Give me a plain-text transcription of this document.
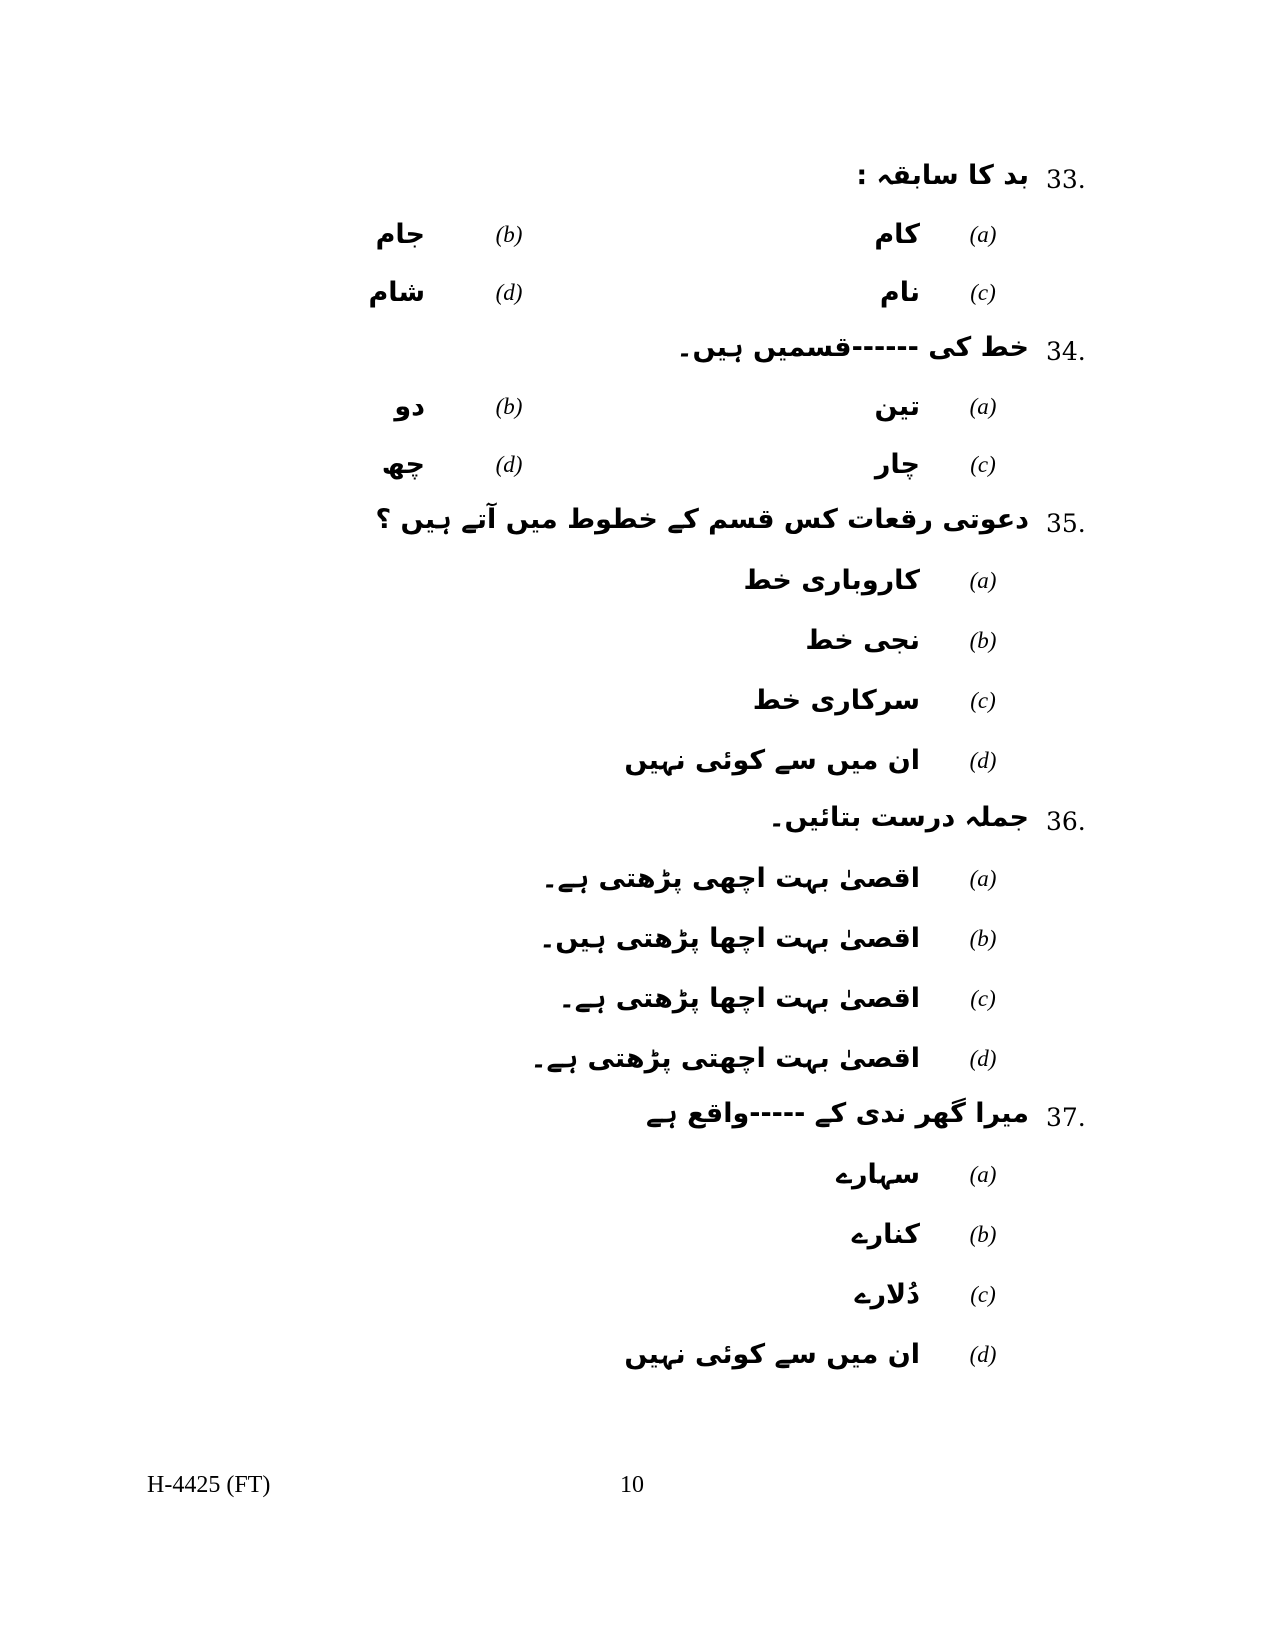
33.
بد کا سابقہ :
(a)
کام
(b)
جام
(c)
نام
(d)
شام
34.
خط کی ------قسمیں ہیں۔
(a)
تین
(b)
دو
(c)
چار
(d)
چھ
35.
دعوتی رقعات کس قسم کے خطوط میں آتے ہیں ؟
(a)
کاروباری خط
(b)
نجی خط
(c)
سرکاری خط
(d)
ان میں سے کوئی نہیں
36.
جملہ درست بتائیں۔
(a)
اقصیٰ بہت اچھی پڑھتی ہے۔
(b)
اقصیٰ بہت اچھا پڑھتی ہیں۔
(c)
اقصیٰ بہت اچھا پڑھتی ہے۔
(d)
اقصیٰ بہت اچھتی پڑھتی ہے۔
37.
میرا گھر ندی کے -----واقع ہے
(a)
سہارے
(b)
کنارے
(c)
دُلارے
(d)
ان میں سے کوئی نہیں
H-4425 (FT)	10
